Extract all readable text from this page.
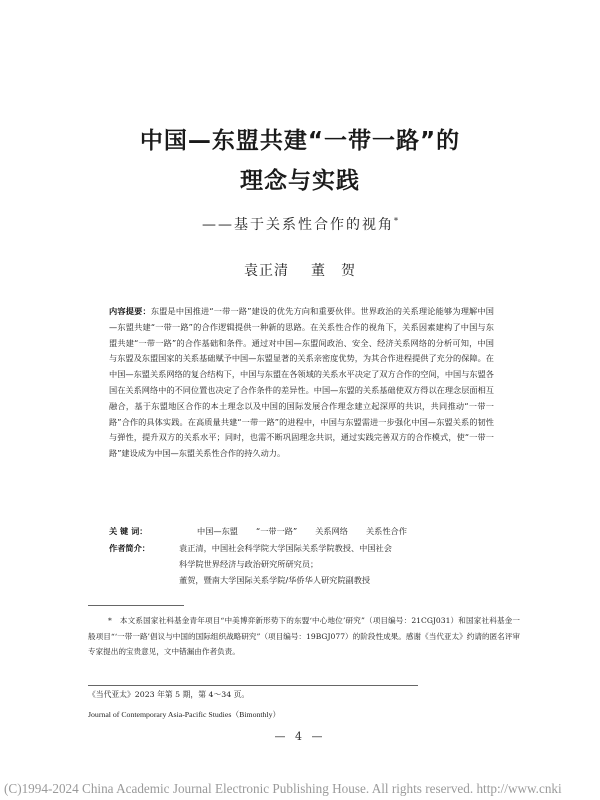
中国—东盟共建“一带一路”的
理念与实践
——基于关系性合作的视角*
袁正清 董　贺
内容提要：东盟是中国推进“一带一路”建设的优先方向和重要伙伴。世界政治的关系理论能够为理解中国—东盟共建“一带一路”的合作逻辑提供一种新的思路。在关系性合作的视角下，关系因素建构了中国与东盟共建“一带一路”的合作基础和条件。通过对中国—东盟间政治、安全、经济关系网络的分析可知，中国与东盟及东盟国家的关系基础赋予中国—东盟显著的关系亲密度优势，为其合作进程提供了充分的保障。在中国—东盟关系网络的复合结构下，中国与东盟在各领域的关系水平决定了双方合作的空间，中国与东盟各国在关系网络中的不同位置也决定了合作条件的差异性。中国—东盟的关系基础使双方得以在理念层面相互融合，基于东盟地区合作的本土理念以及中国的国际发展合作理念建立起深厚的共识，共同推动“一带一路”合作的具体实践。在高质量共建“一带一路”的进程中，中国与东盟需进一步强化中国—东盟关系的韧性与弹性，提升双方的关系水平；同时，也需不断巩固理念共识，通过实践完善双方的合作模式，使“一带一路”建设成为中国—东盟关系性合作的持久动力。
关 键 词：	中国—东盟 “一带一路” 关系网络 关系性合作
作者简介：	袁正清，中国社会科学院大学国际关系学院教授、中国社会
科学院世界经济与政治研究所研究员；
董贺，暨南大学国际关系学院/华侨华人研究院副教授
* 本文系国家社科基金青年项目“中美博弈新形势下的东盟‘中心地位’研究”（项目编号：21CGJ031）和国家社科基金一般项目“‘一带一路’倡议与中国的国际组织战略研究”（项目编号：19BGJ077）的阶段性成果。感谢《当代亚太》约请的匿名评审专家提出的宝贵意见，文中错漏由作者负责。
《当代亚太》2023 年第 5 期，第 4～34 页。
Journal of Contemporary Asia-Pacific Studies（Bimonthly）
— 4 —
(C)1994-2024 China Academic Journal Electronic Publishing House. All rights reserved. http://www.cnki
